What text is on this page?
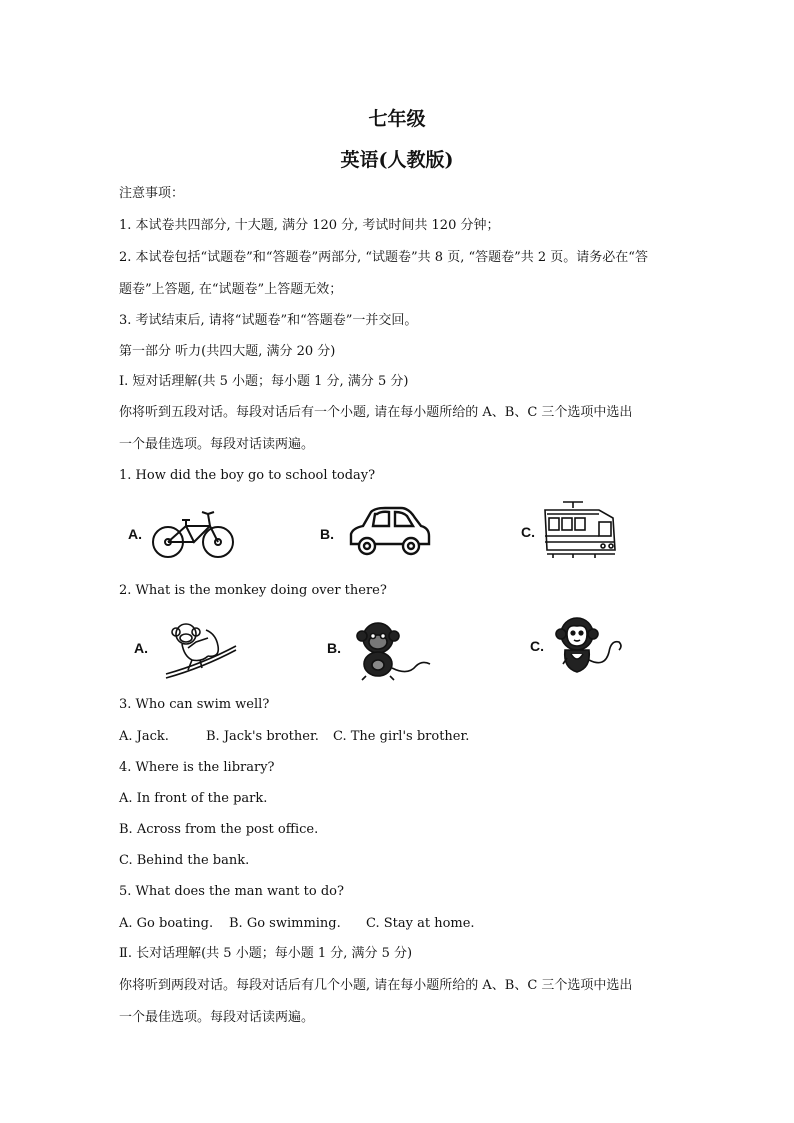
七年级
英语(人教版)
注意事项：
1. 本试卷共四部分, 十大题, 满分 120 分, 考试时间共 120 分钟；
2. 本试卷包括“试题卷”和“答题卷”两部分, “试题卷”共 8 页, “答题卷”共 2 页。请务必在“答
题卷”上答题, 在“试题卷”上答题无效；
3. 考试结束后, 请将“试题卷”和“答题卷”一并交回。
第一部分 听力(共四大题, 满分 20 分)
Ⅰ. 短对话理解(共 5 小题；每小题 1 分, 满分 5 分)
你将听到五段对话。每段对话后有一个小题, 请在每小题所给的 A、B、C 三个选项中选出
一个最佳选项。每段对话读两遍。
1. How did the boy go to school today?
A.	B.	C.
2. What is the monkey doing over there?
A.	B.	C.
3. Who can swim well?
A. Jack.	B. Jack's brother. C. The girl's brother.
4. Where is the library?
A. In front of the park.
B. Across from the post office.
C. Behind the bank.
5. What does the man want to do?
A. Go boating. B. Go swimming. C. Stay at home.
Ⅱ. 长对话理解(共 5 小题；每小题 1 分, 满分 5 分)
你将听到两段对话。每段对话后有几个小题, 请在每小题所给的 A、B、C 三个选项中选出
一个最佳选项。每段对话读两遍。
